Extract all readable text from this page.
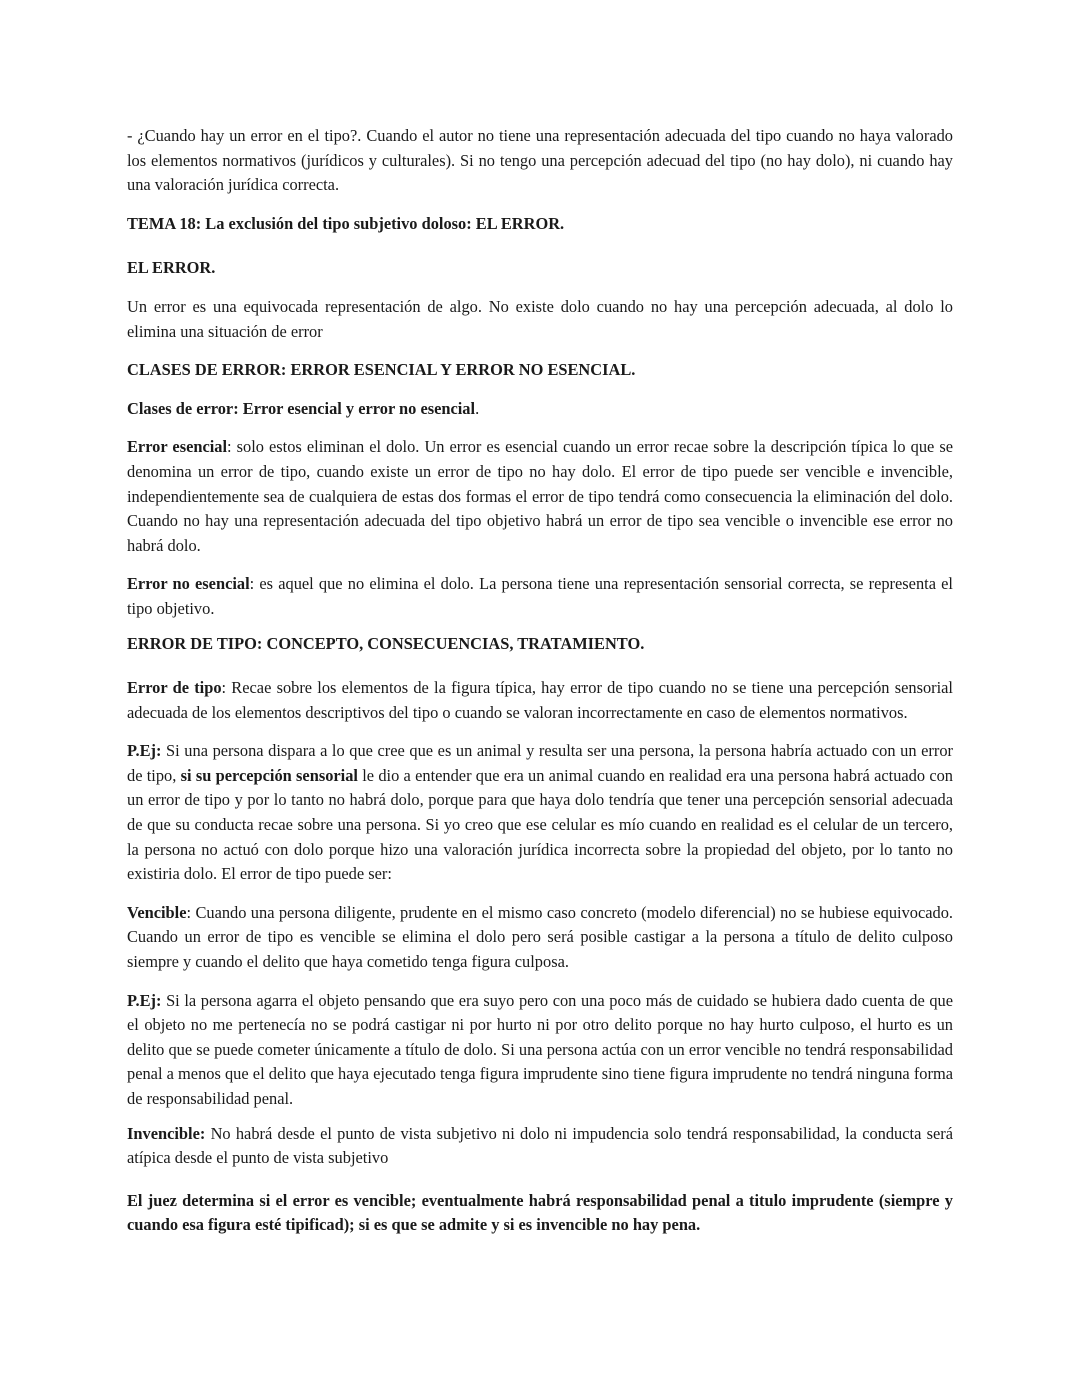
- ¿Cuando hay un error en el tipo?. Cuando el autor no tiene una representación adecuada del tipo cuando no haya valorado los elementos normativos (jurídicos y culturales). Si no tengo una percepción adecuad del tipo (no hay dolo), ni cuando hay una valoración jurídica correcta.

TEMA 18: La exclusión del tipo subjetivo doloso: EL ERROR.

EL ERROR.

Un error es una equivocada representación de algo. No existe dolo cuando no hay una percepción adecuada, al dolo lo elimina una situación de error

CLASES DE ERROR: ERROR ESENCIAL Y ERROR NO ESENCIAL.

Clases de error: Error esencial y error no esencial.

Error esencial: solo estos eliminan el dolo. Un error es esencial cuando un error recae sobre la descripción típica lo que se denomina un error de tipo, cuando existe un error de tipo no hay dolo. El error de tipo puede ser vencible e invencible, independientemente sea de cualquiera de estas dos formas el error de tipo tendrá como consecuencia la eliminación del dolo. Cuando no hay una representación adecuada del tipo objetivo habrá un error de tipo sea vencible o invencible ese error no habrá dolo.

Error no esencial: es aquel que no elimina el dolo. La persona tiene una representación sensorial correcta, se representa el tipo objetivo.

ERROR DE TIPO: CONCEPTO, CONSECUENCIAS, TRATAMIENTO.

Error de tipo: Recae sobre los elementos de la figura típica, hay error de tipo cuando no se tiene una percepción sensorial adecuada de los elementos descriptivos del tipo o cuando se valoran incorrectamente en caso de elementos normativos.

P.Ej: Si una persona dispara a lo que cree que es un animal y resulta ser una persona, la persona habría actuado con un error de tipo, si su percepción sensorial le dio a entender que era un animal cuando en realidad era una persona habrá actuado con un error de tipo y por lo tanto no habrá dolo, porque para que haya dolo tendría que tener una percepción sensorial adecuada de que su conducta recae sobre una persona. Si yo creo que ese celular es mío cuando en realidad es el celular de un tercero, la persona no actuó con dolo porque hizo una valoración jurídica incorrecta sobre la propiedad del objeto, por lo tanto no existiria dolo. El error de tipo puede ser:

Vencible: Cuando una persona diligente, prudente en el mismo caso concreto (modelo diferencial) no se hubiese equivocado. Cuando un error de tipo es vencible se elimina el dolo pero será posible castigar a la persona a título de delito culposo siempre y cuando el delito que haya cometido tenga figura culposa.

P.Ej: Si la persona agarra el objeto pensando que era suyo pero con una poco más de cuidado se hubiera dado cuenta de que el objeto no me pertenecía no se podrá castigar ni por hurto ni por otro delito porque no hay hurto culposo, el hurto es un delito que se puede cometer únicamente a título de dolo. Si una persona actúa con un error vencible no tendrá responsabilidad penal a menos que el delito que haya ejecutado tenga figura imprudente sino tiene figura imprudente no tendrá ninguna forma de responsabilidad penal.

Invencible: No habrá desde el punto de vista subjetivo ni dolo ni impudencia solo tendrá responsabilidad, la conducta será atípica desde el punto de vista subjetivo

El juez determina si el error es vencible; eventualmente habrá responsabilidad penal a titulo imprudente (siempre y cuando esa figura esté tipificad); si es que se admite y si es invencible no hay pena.
